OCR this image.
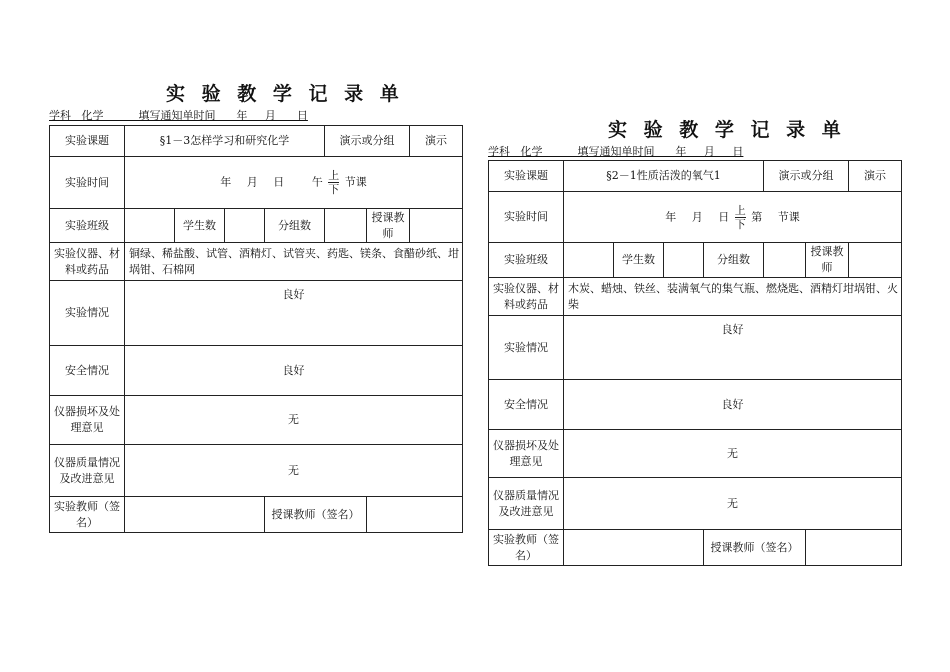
实 验 教 学 记 录 单
学科   化学          填写通知单时间      年     月      日
实验课题	§1－3怎样学习和研究化学				演示或分组		演示
实验时间	年 月 日 午 上
下
节课						
实验班级		学生数		分组数		授课教师	
实验仪器、材料或药品	铜绿、稀盐酸、试管、酒精灯、试管夹、药匙、镁条、食醋砂纸、坩埚钳、石棉网						
实验情况	良好						
安全情况	良好						
仪器损坏及处理意见	无						
仪器质量情况及改进意见	无						
实验教师（签名）				授课教师（签名）			
实 验 教 学 记 录 单
学科   化学          填写通知单时间      年     月     日
实验课题	§2－1性质活泼的氧气1				演示或分组		演示
实验时间	年 月 日 上
下
第 节课						
实验班级		学生数		分组数		授课教师	
实验仪器、材料或药品	木炭、蜡烛、铁丝、装满氧气的集气瓶、燃烧匙、酒精灯坩埚钳、火柴						
实验情况	良好						
安全情况	良好						
仪器损坏及处理意见	无						
仪器质量情况及改进意见	无						
实验教师（签名）				授课教师（签名）			
